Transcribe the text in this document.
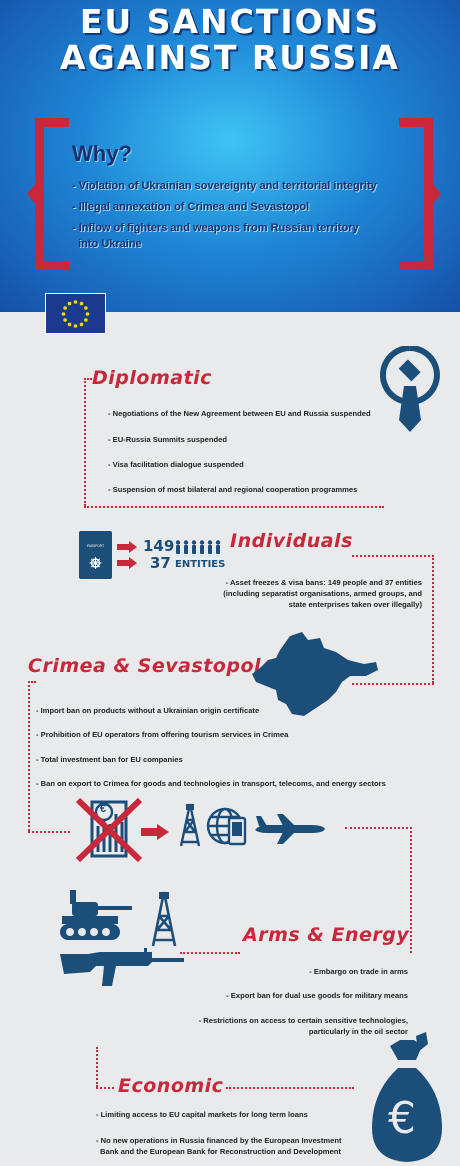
EU SANCTIONS
AGAINST RUSSIA
Why?
- Violation of Ukrainian sovereignty and territorial integrity
- Illegal annexation of Crimea and Sevastopol
- Inflow of fighters and weapons from Russian territory
into Ukraine
Diplomatic
- Negotiations of the New Agreement between EU and Russia suspended
- EU-Russia Summits suspended
- Visa facilitation dialogue suspended
- Suspension of most bilateral and regional cooperation programmes
PASSPORT	149
37 ENTITIES
Individuals
- Asset freezes & visa bans: 149 people and 37 entities
(including separatist organisations, armed groups, and
state enterprises taken over illegally)
Crimea & Sevastopol
- Import ban on products without a Ukrainian origin certificate
- Prohibition of EU operators from offering tourism services in Crimea
- Total investment ban for EU companies
- Ban on export to Crimea for goods and technologies in transport, telecoms, and energy sectors
€
Arms & Energy
- Embargo on trade in arms
- Export ban for dual use goods for military means
- Restrictions on access to certain sensitive technologies,
particularly in the oil sector
Economic
- Limiting access to EU capital markets for long term loans
- No new operations in Russia financed by the European Investment
Bank and the European Bank for Reconstruction and Development
€
